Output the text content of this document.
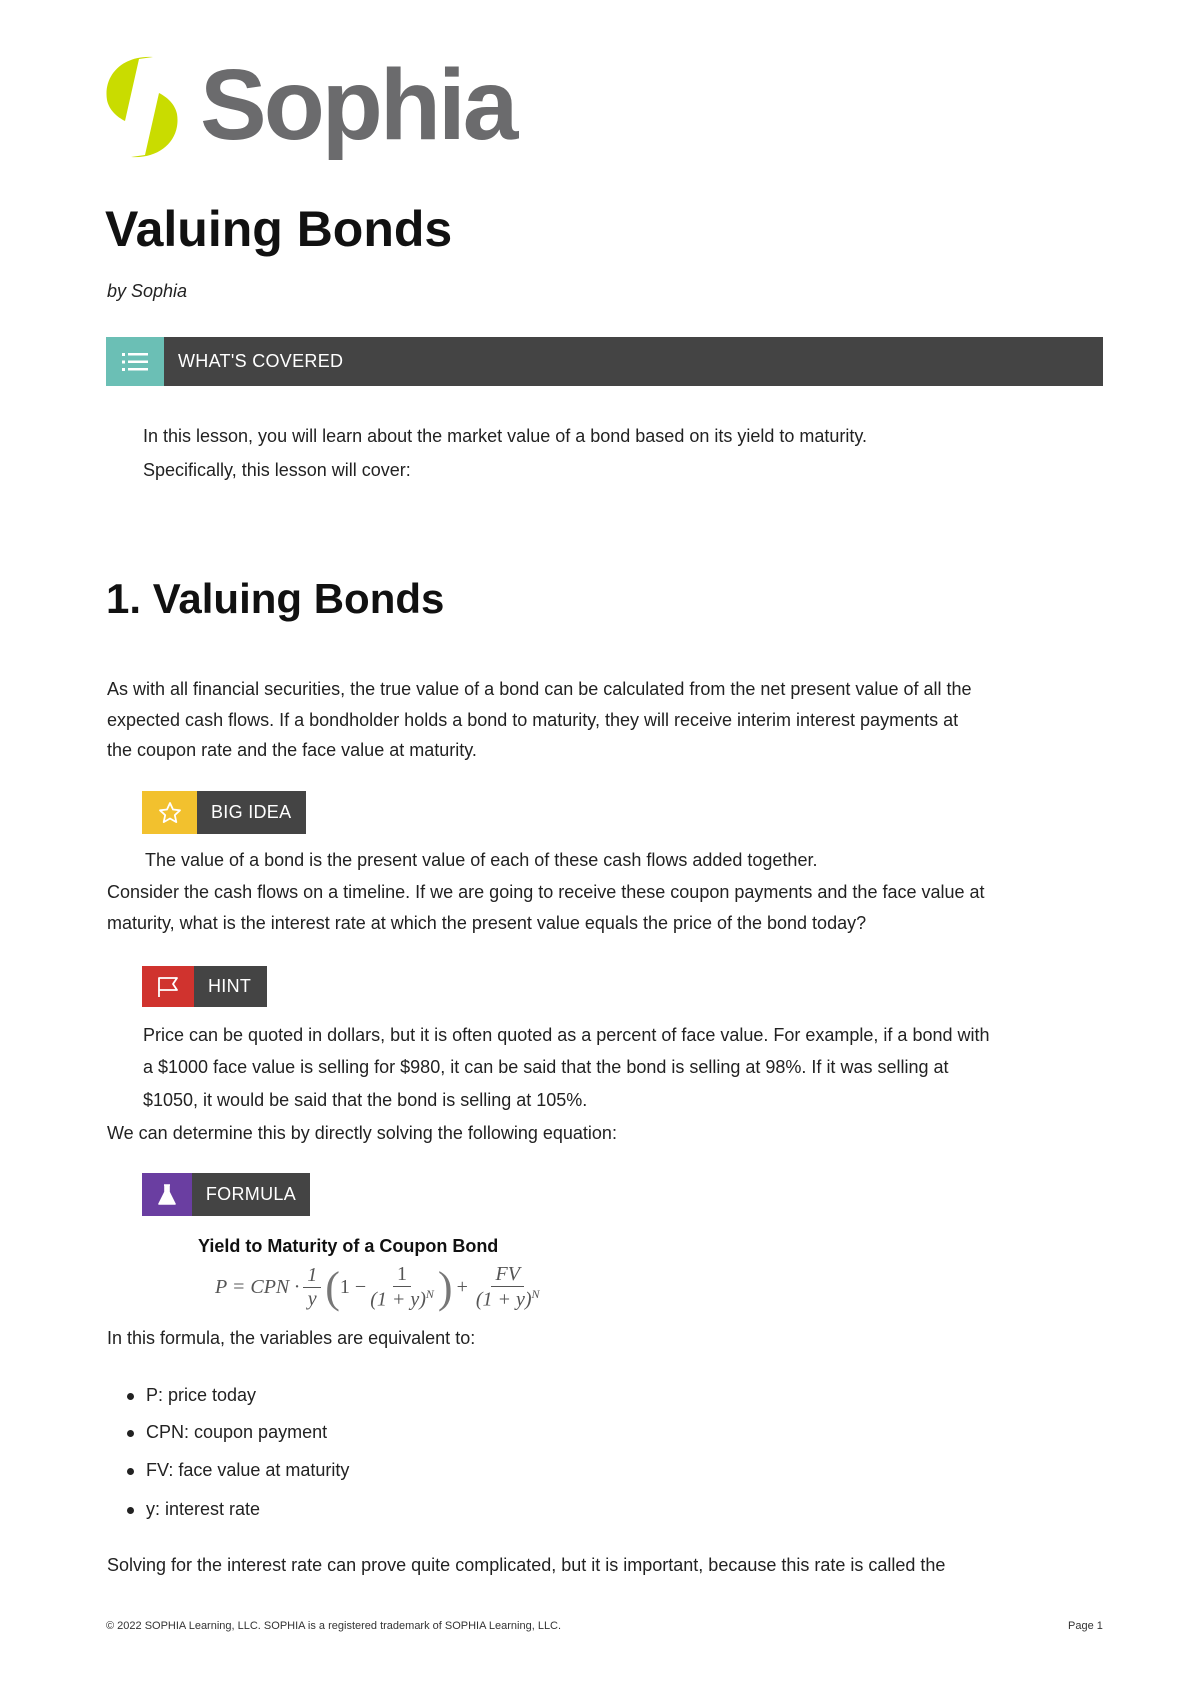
Sophia
Valuing Bonds
by Sophia
WHAT'S COVERED
In this lesson, you will learn about the market value of a bond based on its yield to maturity.
Specifically, this lesson will cover:
1. Valuing Bonds
As with all financial securities, the true value of a bond can be calculated from the net present value of all the
expected cash flows. If a bondholder holds a bond to maturity, they will receive interim interest payments at
the coupon rate and the face value at maturity.
BIG IDEA
The value of a bond is the present value of each of these cash flows added together.
Consider the cash flows on a timeline. If we are going to receive these coupon payments and the face value at
maturity, what is the interest rate at which the present value equals the price of the bond today?
HINT
Price can be quoted in dollars, but it is often quoted as a percent of face value. For example, if a bond with
a $1000 face value is selling for $980, it can be said that the bond is selling at 98%. If it was selling at
$1050, it would be said that the bond is selling at 105%.
We can determine this by directly solving the following equation:
FORMULA
Yield to Maturity of a Coupon Bond
P = CPN · $\frac{1}{y}$ ( $1 - \frac{1}{(1 + y)^N}$ ) + $\frac{FV}{(1 + y)^N}$
In this formula, the variables are equivalent to:
P: price today
CPN: coupon payment
FV: face value at maturity
y: interest rate
Solving for the interest rate can prove quite complicated, but it is important, because this rate is called the
© 2022 SOPHIA Learning, LLC. SOPHIA is a registered trademark of SOPHIA Learning, LLC.	Page 1
